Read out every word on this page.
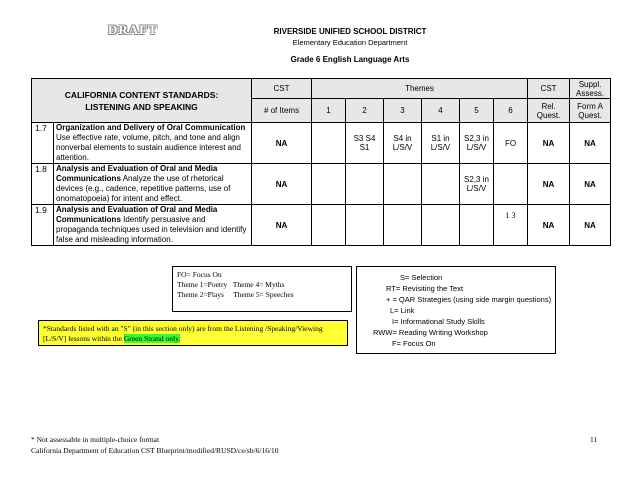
DRAFT	RIVERSIDE UNIFIED SCHOOL DISTRICT
Elementary Education Department
Grade 6 English Language Arts
CALIFORNIA CONTENT STANDARDS:
LISTENING AND SPEAKING		CST	Themes						CST	Suppl. Assess.
		# of Items	1	2	3	4	5	6	Rel. Quest.	Form A Quest.
1.7	Organization and Delivery of Oral Communication Use effective rate, volume, pitch, and tone and align nonverbal elements to sustain audience interest and attention.	NA		S3 S4 S1	S4 in L/S/V	S1 in L/S/V	S2,3 in L/S/V	FO	NA	NA
1.8	Analysis and Evaluation of Oral and Media Communications Analyze the use of rhetorical devices (e.g., cadence, repetitive patterns, use of onomatopoeia) for intent and effect.	NA					S2,3 in L/S/V		NA	NA
1.9	Analysis and Evaluation of Oral and Media Communications Identify persuasive and propaganda techniques used in television and identify false and misleading information.	NA						1 3	NA	NA
FO= Focus On
Theme 1=Poetry   Theme 4= Myths
Theme 2=Plays     Theme 5= Speeches
*Standards listed with an "S" (in this section only) are from the Listening /Speaking/Viewing [L/S/V] lessons within the Green Strand only.
S= Selection
RT= Revisiting the Text
+ = QAR Strategies (using side margin questions)
L= Link
I= Informational Study Skills
RWW= Reading Writing Workshop
F= Focus On
* Not assessable in multiple-choice format
California Department of Education CST Blueprint/modified/RUSD/ce/sb/6/16/10
11
